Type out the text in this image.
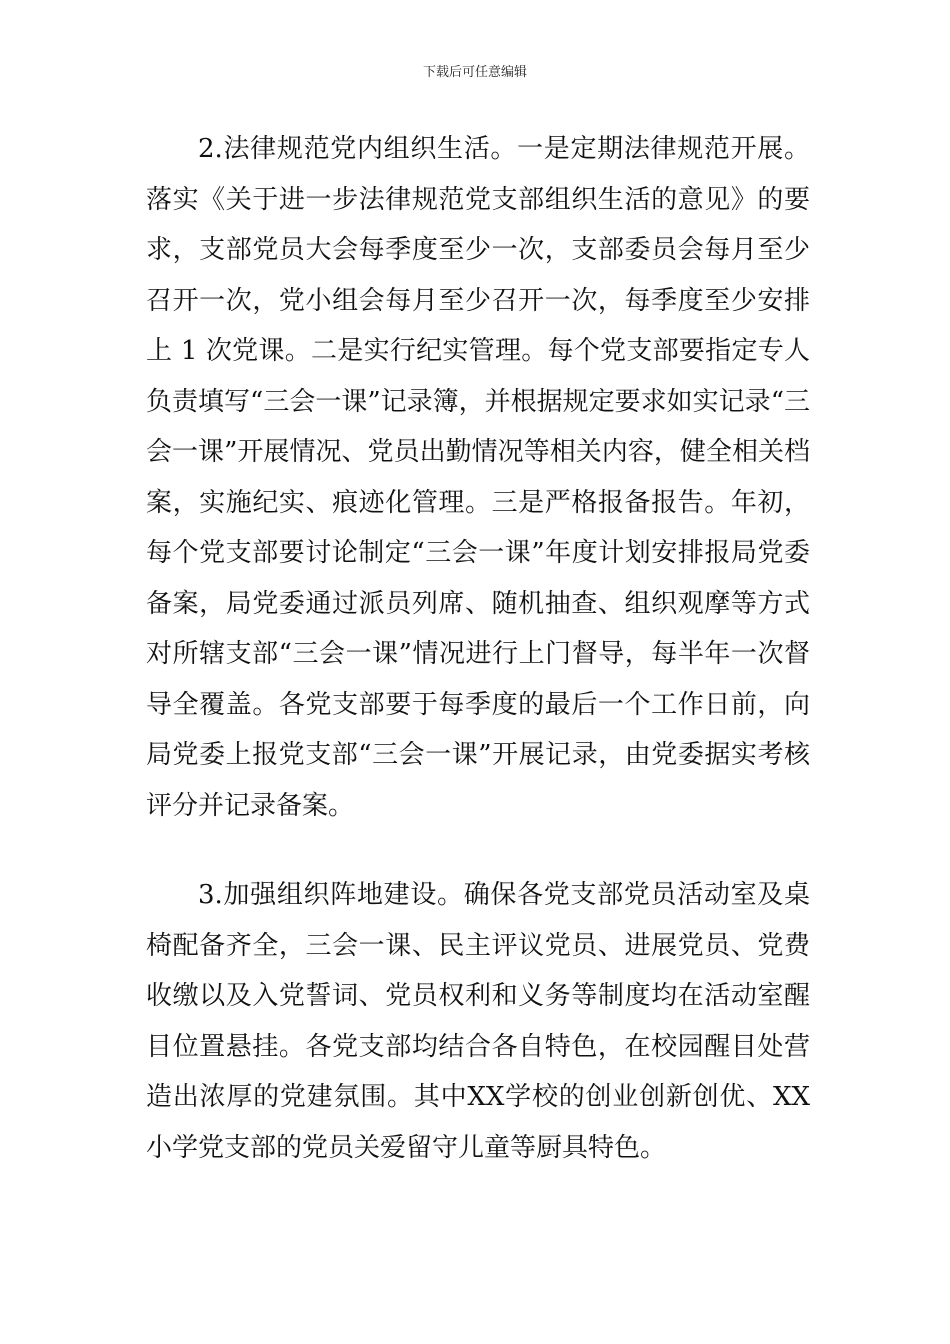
下载后可任意编辑

2.法律规范党内组织生活。一是定期法律规范开展。落实《关于进一步法律规范党支部组织生活的意见》的要求，支部党员大会每季度至少一次，支部委员会每月至少召开一次，党小组会每月至少召开一次，每季度至少安排上 1 次党课。二是实行纪实管理。每个党支部要指定专人负责填写“三会一课”记录簿，并根据规定要求如实记录“三会一课”开展情况、党员出勤情况等相关内容，健全相关档案，实施纪实、痕迹化管理。三是严格报备报告。年初，每个党支部要讨论制定“三会一课”年度计划安排报局党委备案，局党委通过派员列席、随机抽查、组织观摩等方式对所辖支部“三会一课”情况进行上门督导，每半年一次督导全覆盖。各党支部要于每季度的最后一个工作日前，向局党委上报党支部“三会一课”开展记录，由党委据实考核评分并记录备案。

3.加强组织阵地建设。确保各党支部党员活动室及桌椅配备齐全，三会一课、民主评议党员、进展党员、党费收缴以及入党誓词、党员权利和义务等制度均在活动室醒目位置悬挂。各党支部均结合各自特色，在校园醒目处营造出浓厚的党建氛围。其中XX学校的创业创新创优、XX小学党支部的党员关爱留守儿童等厨具特色。
